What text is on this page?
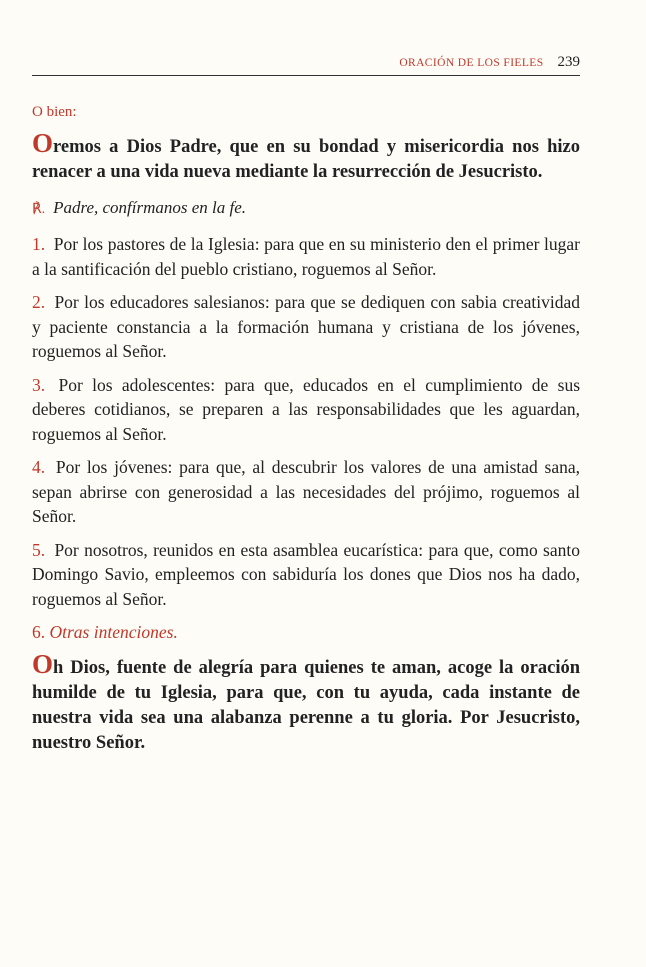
ORACIÓN DE LOS FIELES 239

O bien:

Oremos a Dios Padre, que en su bondad y misericordia nos hizo renacer a una vida nueva mediante la resurrección de Jesucristo.

℟. Padre, confírmanos en la fe.

1. Por los pastores de la Iglesia: para que en su ministerio den el primer lugar a la santificación del pueblo cristiano, roguemos al Señor.

2. Por los educadores salesianos: para que se dediquen con sabia creatividad y paciente constancia a la formación humana y cristiana de los jóvenes, roguemos al Señor.

3. Por los adolescentes: para que, educados en el cumplimiento de sus deberes cotidianos, se preparen a las responsabilidades que les aguardan, roguemos al Señor.

4. Por los jóvenes: para que, al descubrir los valores de una amistad sana, sepan abrirse con generosidad a las necesidades del prójimo, roguemos al Señor.

5. Por nosotros, reunidos en esta asamblea eucarística: para que, como santo Domingo Savio, empleemos con sabiduría los dones que Dios nos ha dado, roguemos al Señor.

6. Otras intenciones.

Oh Dios, fuente de alegría para quienes te aman, acoge la oración humilde de tu Iglesia, para que, con tu ayuda, cada instante de nuestra vida sea una alabanza perenne a tu gloria. Por Jesucristo, nuestro Señor.
